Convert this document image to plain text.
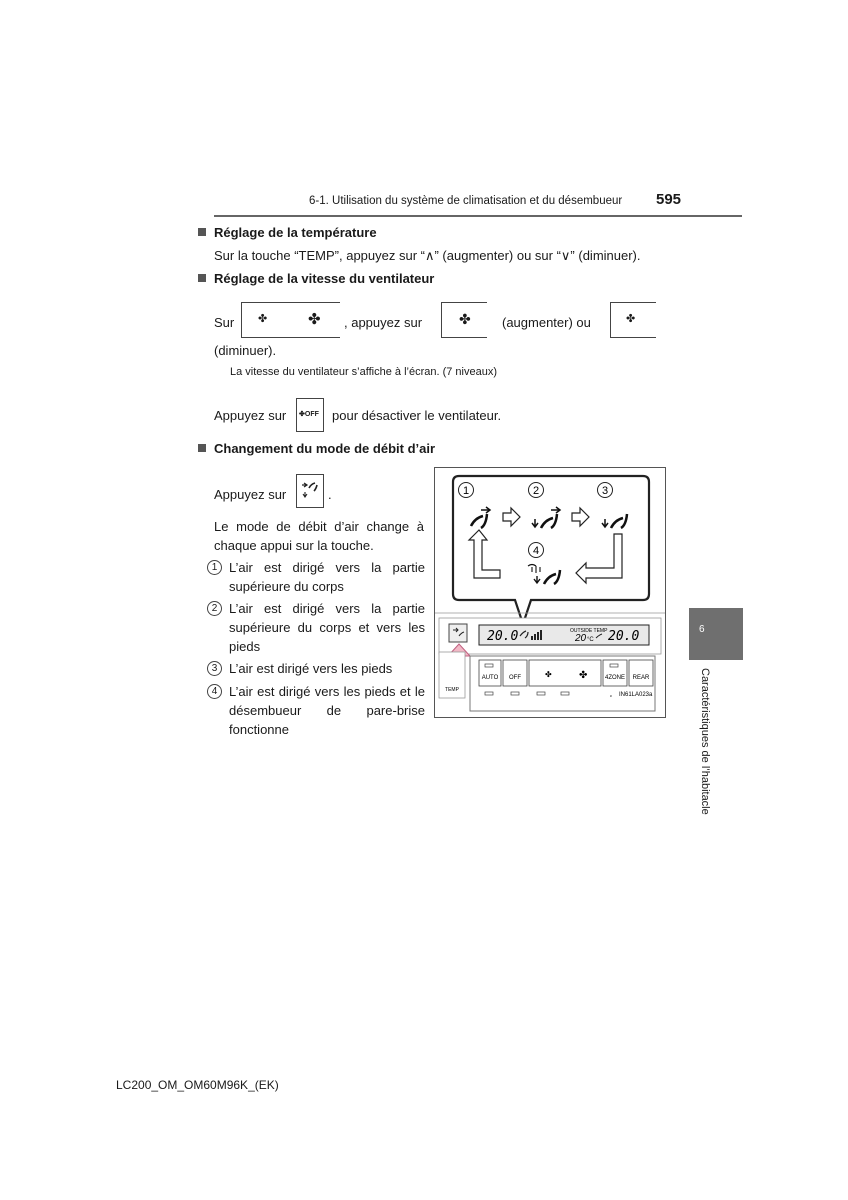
6-1. Utilisation du système de climatisation et du désembueur 595
Réglage de la température
Sur la touche “TEMP”, appuyez sur “∧” (augmenter) ou sur “∨” (diminuer).
Réglage de la vitesse du ventilateur
Sur ✤	✤ , appuyez sur	✤ (augmenter) ou	✤
(diminuer).
La vitesse du ventilateur s’affiche à l’écran. (7 niveaux)
Appuyez sur ✤OFF pour désactiver le ventilateur.
Changement du mode de débit d’air
Appuyez sur	.
Le mode de débit d’air change à chaque appui sur la touche.
1 L’air est dirigé vers la partie supérieure du corps
2 L’air est dirigé vers la partie supérieure du corps et vers les pieds
3 L’air est dirigé vers les pieds
4 L’air est dirigé vers les pieds et le désembueur de pare-brise fonctionne
1	2	3
4
20.0	OUTSIDE TEMP
20 °C 20.0
TEMP
AUTO OFF	✤	✤	4ZONE REAR
c IN61LA023a
6
Caractéristiques de l’habitacle
LC200_OM_OM60M96K_(EK)
